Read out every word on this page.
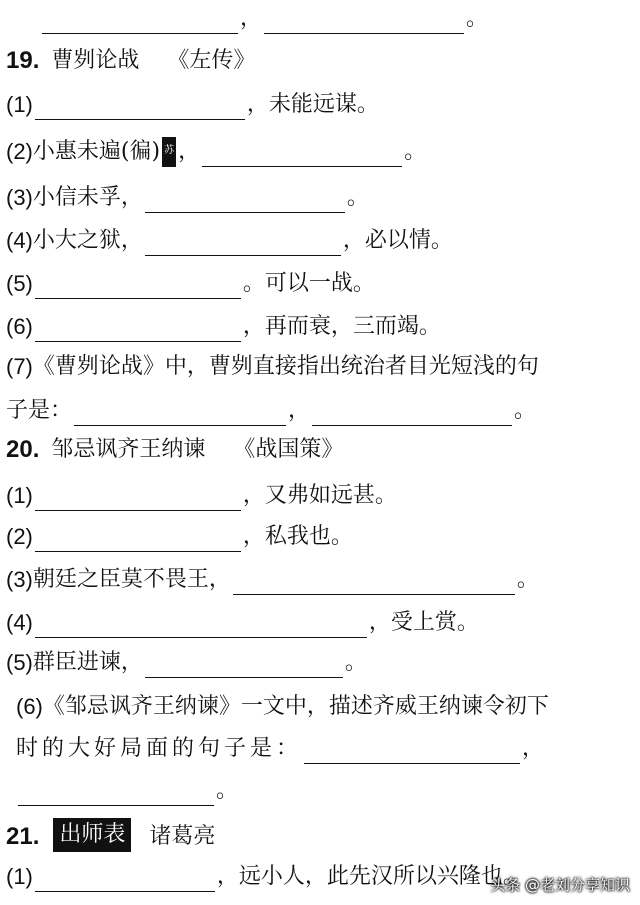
，	。
19. 曹刿论战 《左传》
(1)	，未能远谋。
(2) 小惠未遍(徧) 苏 ，	。
(3) 小信未孚，	。
(4) 小大之狱，	，必以情。
(5)	。可以一战。
(6)	，再而衰，三而竭。
(7) 《曹刿论战》中，曹刿直接指出统治者目光短浅的句
子是：	，	。
20. 邹忌讽齐王纳谏 《战国策》
(1)	，又弗如远甚。
(2)	，私我也。
(3) 朝廷之臣莫不畏王，	。
(4)	，受上赏。
(5) 群臣进谏，	。
(6) 《邹忌讽齐王纳谏》一文中，描述齐威王纳谏令初下
时的大好局面的句子是：	，
。
21. 出师表 诸葛亮
(1)	，远小人，此先汉所以兴隆也。
头条 @老刘分享知识
